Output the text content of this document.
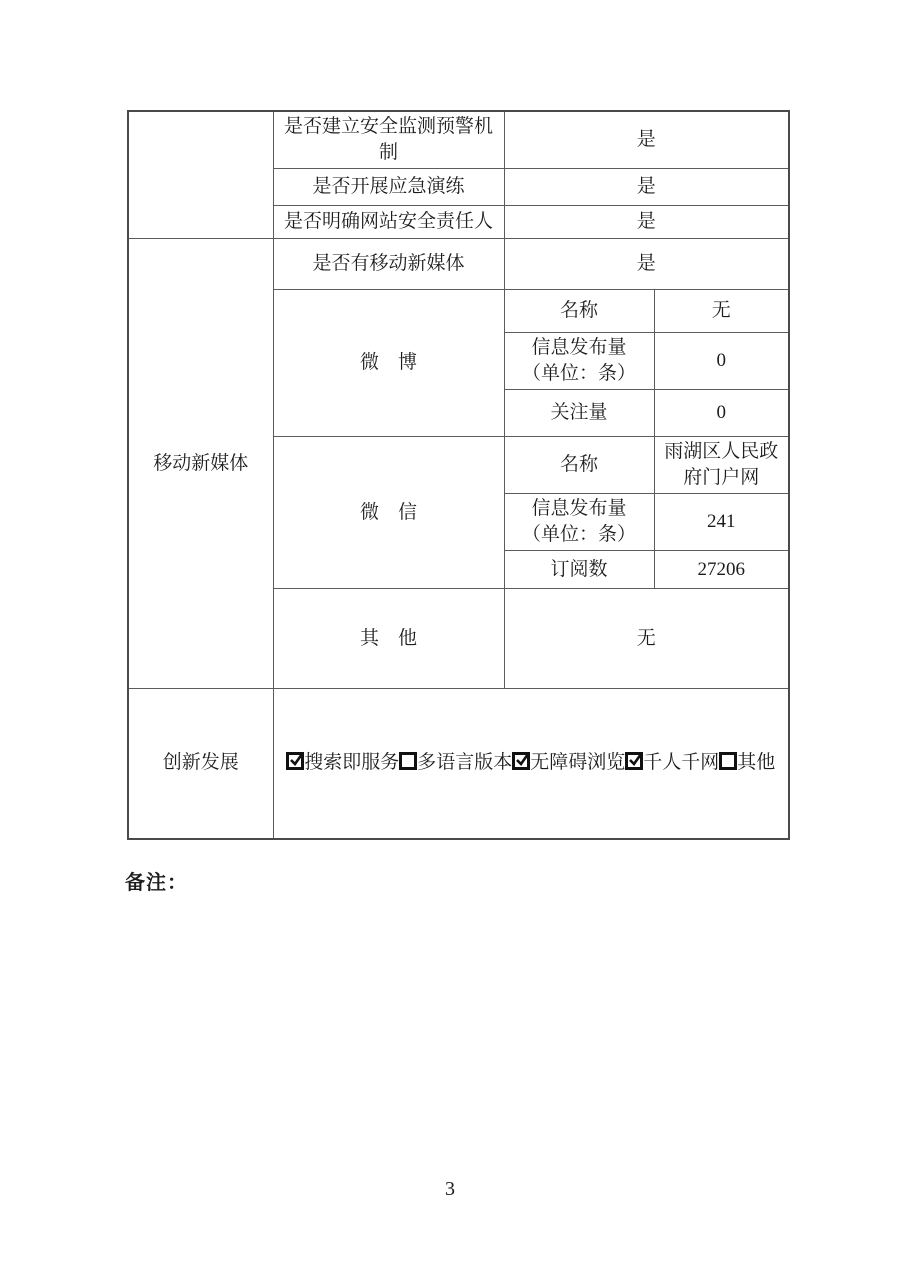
	是否建立安全监测预警机制	是	
	是否开展应急演练	是	
	是否明确网站安全责任人	是	
移动新媒体	是否有移动新媒体	是	
	微　博	名称	无
		信息发布量（单位：条）	0
		关注量	0
	微　信	名称	雨湖区人民政府门户网
		信息发布量（单位：条）	241
		订阅数	27206
	其　他	无	
创新发展	搜索即服务 多语言版本 无障碍浏览 千人千网 其他		
备注：
3
